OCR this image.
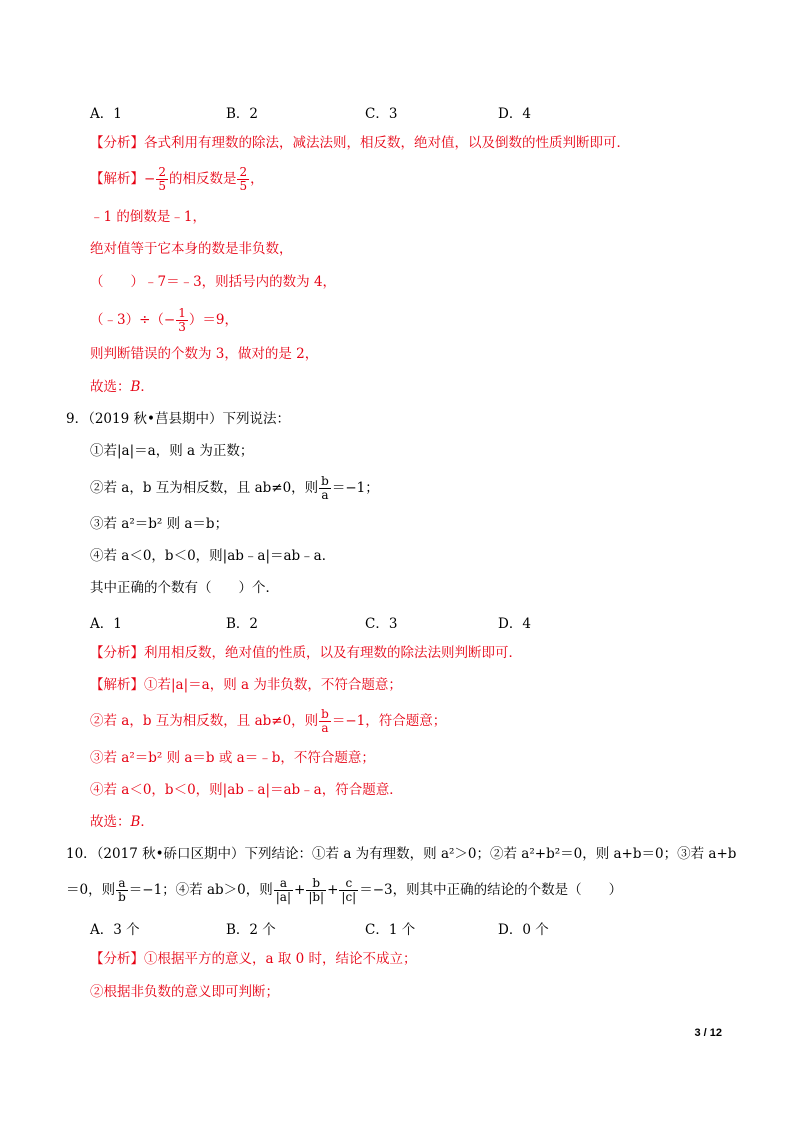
A．1	B．2	C．3	D．4
【分析】各式利用有理数的除法，减法法则，相反数，绝对值，以及倒数的性质判断即可．
【解析】− $\frac{2}{5}$ 的相反数是 $\frac{2}{5}$ ，
﹣1 的倒数是﹣1，
绝对值等于它本身的数是非负数，
（　　）﹣7＝﹣3，则括号内的数为 4，
（﹣3）÷（− $\frac{1}{3} )=9$，
则判断错误的个数为 3，做对的是 2，
故选：B．
9．（2019 秋•莒县期中）下列说法：
①若|a|＝a，则 a 为正数；
②若 a，b 互为相反数，且 ab≠0，则 $\frac{b}{a} =-1$；
③若 a²＝b² 则 a＝b；
④若 a＜0，b＜0，则|ab﹣a|＝ab﹣a．
其中正确的个数有（　　）个．
A．1	B．2	C．3	D．4
【分析】利用相反数，绝对值的性质，以及有理数的除法法则判断即可．
【解析】①若|a|＝a，则 a 为非负数，不符合题意；
②若 a，b 互为相反数，且 ab≠0，则 $\frac{b}{a} =-1$，符合题意；
③若 a²＝b² 则 a＝b 或 a＝﹣b，不符合题意；
④若 a＜0，b＜0，则|ab﹣a|＝ab﹣a，符合题意．
故选：B．
10．（2017 秋•硚口区期中）下列结论：①若 a 为有理数，则 a²＞0；②若 a²+b²＝0，则 a+b＝0；③若 a+b
＝0，则 $\frac{a}{b} =-1$；④若 ab＞0，则 $\frac{a}{|a|} + \frac{b}{|b|} + \frac{c}{|c|} =-3$，则其中正确的结论的个数是（　　）
A．3 个	B．2 个	C．1 个	D．0 个
【分析】①根据平方的意义，a 取 0 时，结论不成立；
②根据非负数的意义即可判断；
3 / 12
